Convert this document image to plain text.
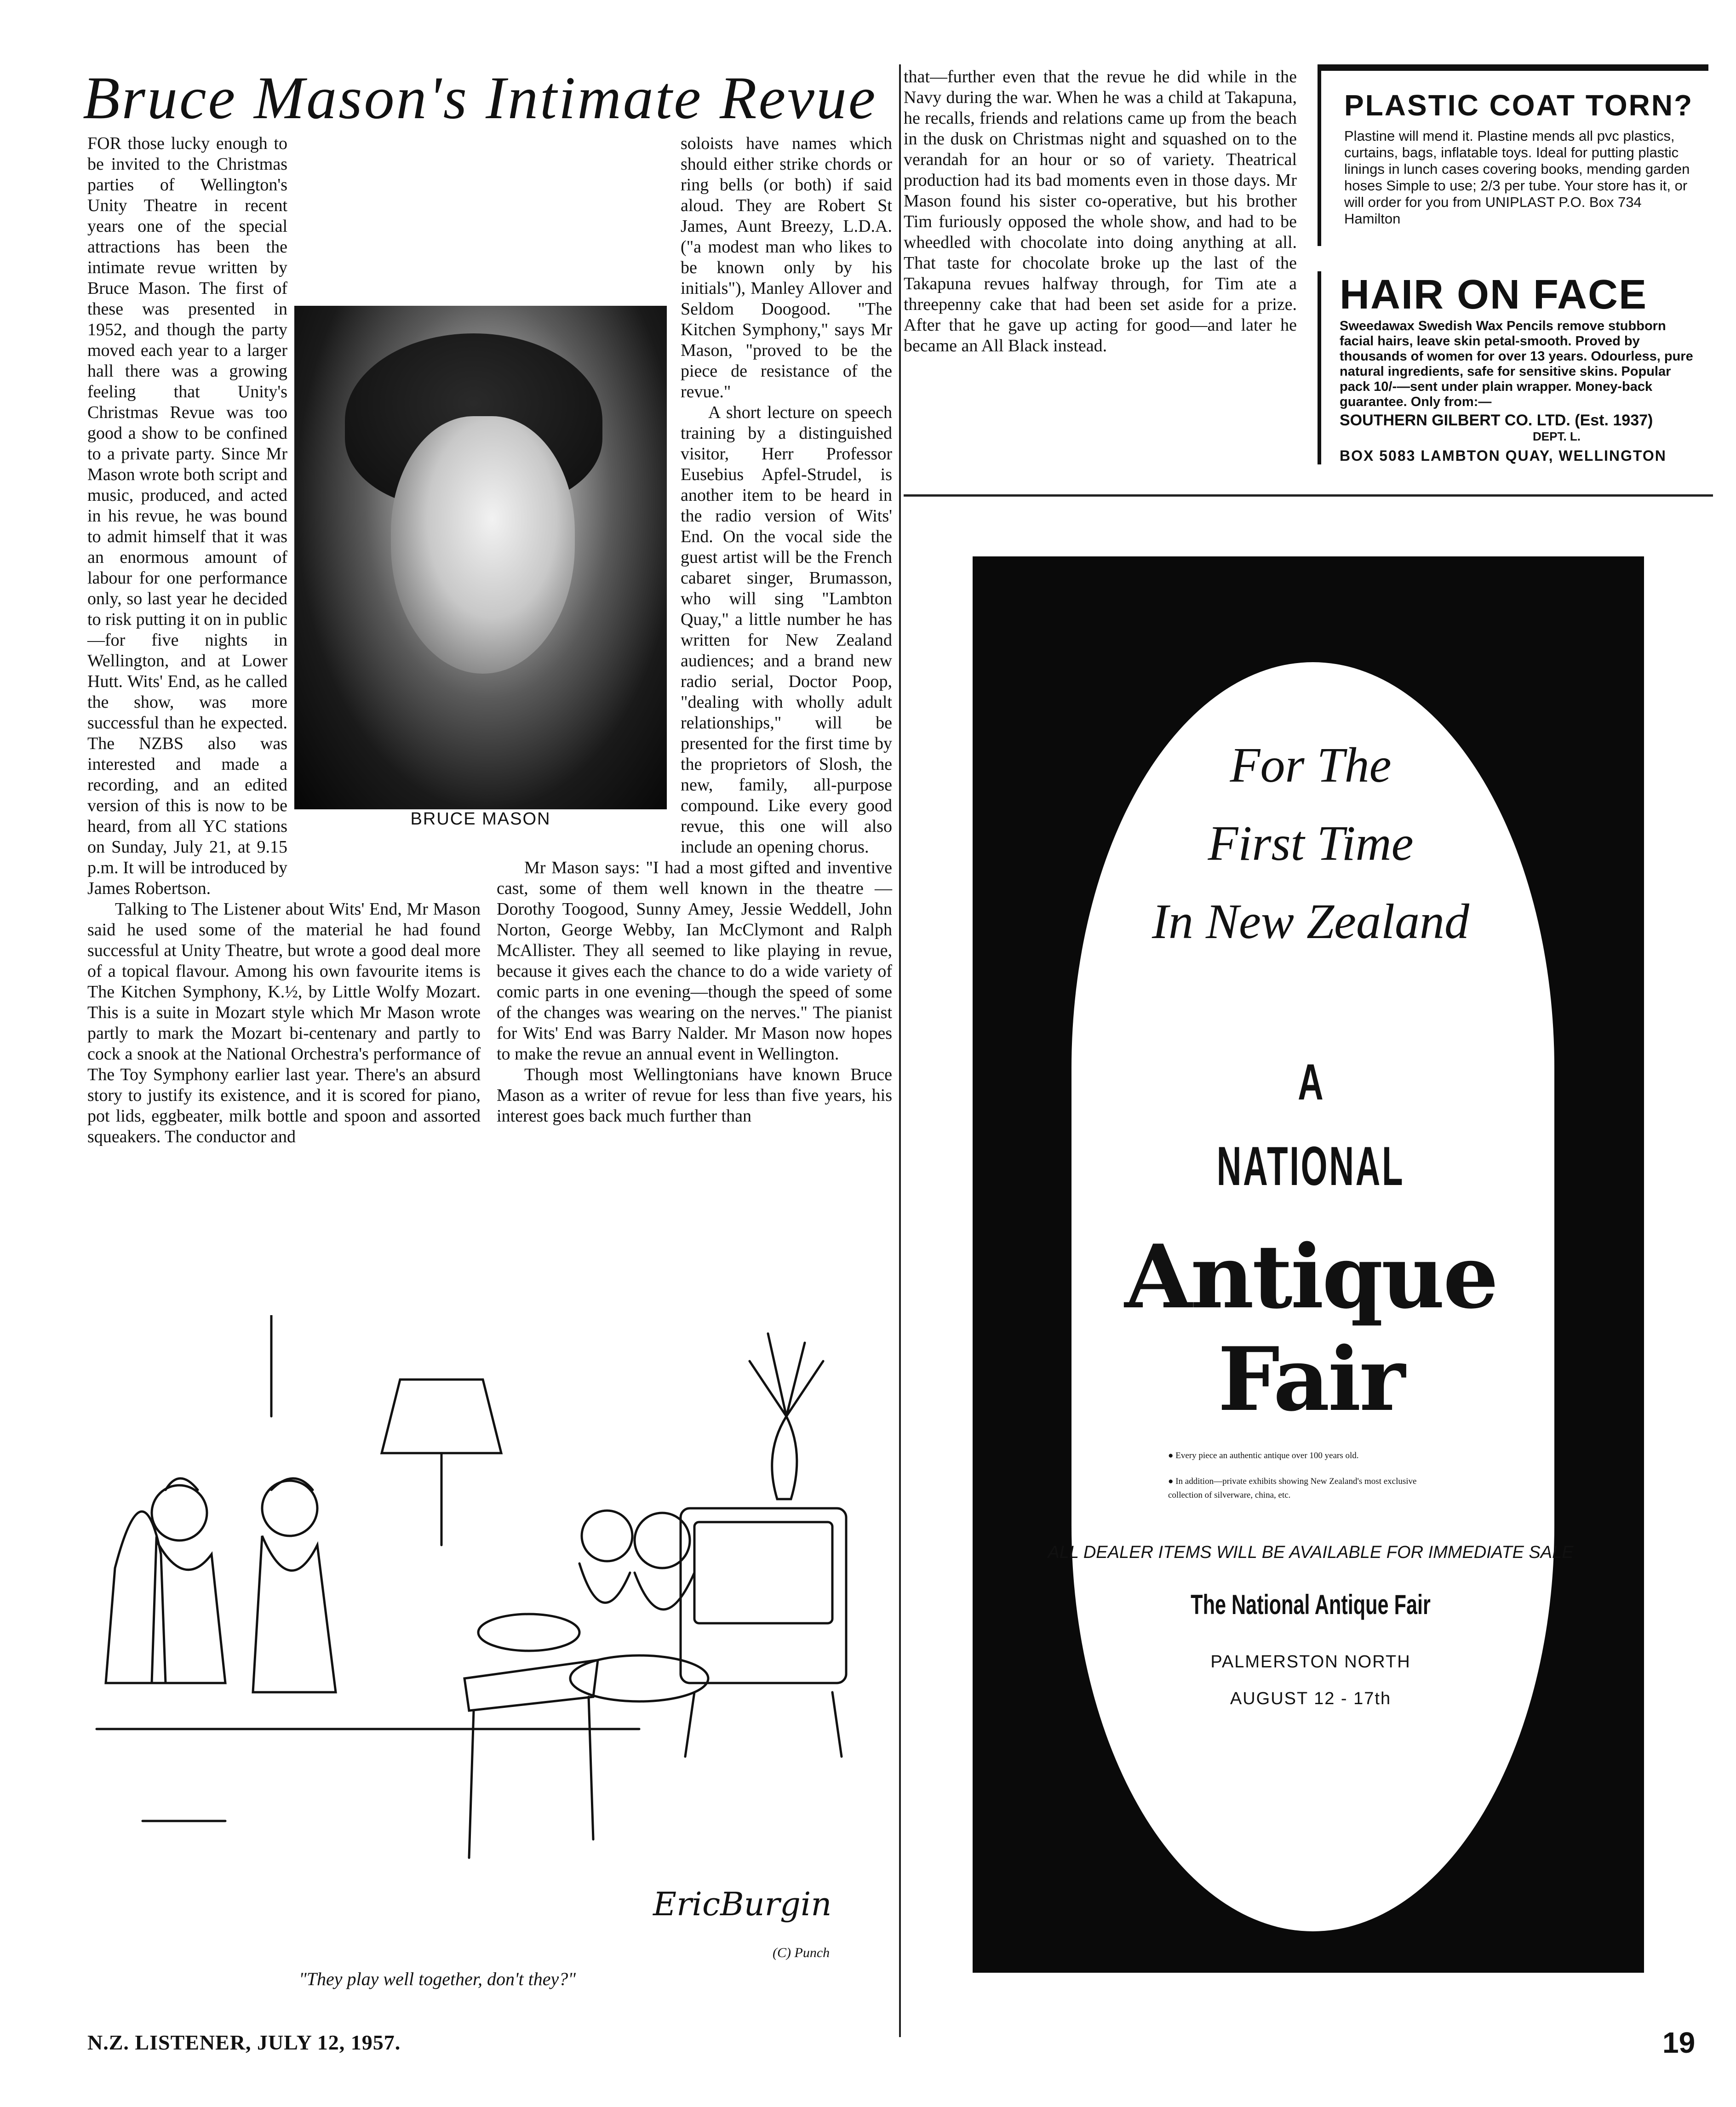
Bruce Mason's Intimate Revue

FOR those lucky enough to be invited to the Christmas parties of Wellington's Unity Theatre in recent years one of the special attractions has been the intimate revue written by Bruce Mason. The first of these was presented in 1952, and though the party moved each year to a larger hall there was a growing feeling that Unity's Christmas Revue was too good a show to be confined to a private party. Since Mr Mason wrote both script and music, produced, and acted in his revue, he was bound to admit himself that it was an enormous amount of labour for one performance only, so last year he decided to risk putting it on in public—for five nights in Wellington, and at Lower Hutt. Wits' End, as he called the show, was more successful than he expected. The NZBS also was interested and made a recording, and an edited version of this is now to be heard, from all YC stations on Sunday, July 21, at 9.15 p.m. It will be introduced by James Robertson.

Talking to The Listener about Wits' End, Mr Mason said he used some of the material he had found successful at Unity Theatre, but wrote a good deal more of a topical flavour. Among his own favourite items is The Kitchen Symphony, K.½, by Little Wolfy Mozart. This is a suite in Mozart style which Mr Mason wrote partly to mark the Mozart bi-centenary and partly to cock a snook at the National Orchestra's performance of The Toy Symphony earlier last year. There's an absurd story to justify its existence, and it is scored for piano, pot lids, eggbeater, milk bottle and spoon and assorted squeakers. The conductor and

BRUCE MASON

soloists have names which should either strike chords or ring bells (or both) if said aloud. They are Robert St James, Aunt Breezy, L.D.A. ("a modest man who likes to be known only by his initials"), Manley Allover and Seldom Doogood. "The Kitchen Symphony," says Mr Mason, "proved to be the piece de resistance of the revue."

A short lecture on speech training by a distinguished visitor, Herr Professor Eusebius Apfel-Strudel, is another item to be heard in the radio version of Wits' End. On the vocal side the guest artist will be the French cabaret singer, Brumasson, who will sing "Lambton Quay," a little number he has written for New Zealand audiences; and a brand new radio serial, Doctor Poop, "dealing with wholly adult relationships," will be presented for the first time by the proprietors of Slosh, the new, family, all-purpose compound. Like every good revue, this one will also include an opening chorus.

Mr Mason says: "I had a most gifted and inventive cast, some of them well known in the theatre — Dorothy Toogood, Sunny Amey, Jessie Weddell, John Norton, George Webby, Ian McClymont and Ralph McAllister. They all seemed to like playing in revue, because it gives each the chance to do a wide variety of comic parts in one evening—though the speed of some of the changes was wearing on the nerves." The pianist for Wits' End was Barry Nalder. Mr Mason now hopes to make the revue an annual event in Wellington.

Though most Wellingtonians have known Bruce Mason as a writer of revue for less than five years, his interest goes back much further than

that—further even that the revue he did while in the Navy during the war. When he was a child at Takapuna, he recalls, friends and relations came up from the beach in the dusk on Christmas night and squashed on to the verandah for an hour or so of variety. Theatrical production had its bad moments even in those days. Mr Mason found his sister co-operative, but his brother Tim furiously opposed the whole show, and had to be wheedled with chocolate into doing anything at all. That taste for chocolate broke up the last of the Takapuna revues halfway through, for Tim ate a threepenny cake that had been set aside for a prize. After that he gave up acting for good—and later he became an All Black instead.

PLASTIC COAT TORN?
Plastine will mend it. Plastine mends all pvc plastics, curtains, bags, inflatable toys. Ideal for putting plastic linings in lunch cases covering books, mending garden hoses Simple to use; 2/3 per tube. Your store has it, or will order for you from UNIPLAST P.O. Box 734 Hamilton
HAIR ON FACE
Sweedawax Swedish Wax Pencils remove stubborn facial hairs, leave skin petal-smooth. Proved by thousands of women for over 13 years. Odourless, pure natural ingredients, safe for sensitive skins. Popular pack 10/-—sent under plain wrapper. Money-back guarantee. Only from:—
SOUTHERN GILBERT CO. LTD. (Est. 1937)
DEPT. L.
BOX 5083 LAMBTON QUAY, WELLINGTON
For The
First Time
In New Zealand
A
NATIONAL
Antique Fair
● Every piece an authentic antique over 100 years old.
● In addition—private exhibits showing New Zealand's most exclusive collection of silverware, china, etc.
ALL DEALER ITEMS WILL BE AVAILABLE FOR IMMEDIATE SALE
The National Antique Fair
PALMERSTON NORTH
AUGUST 12 - 17th
EricBurgin
(C) Punch
"They play well together, don't they?"
N.Z. LISTENER, JULY 12, 1957.	19
